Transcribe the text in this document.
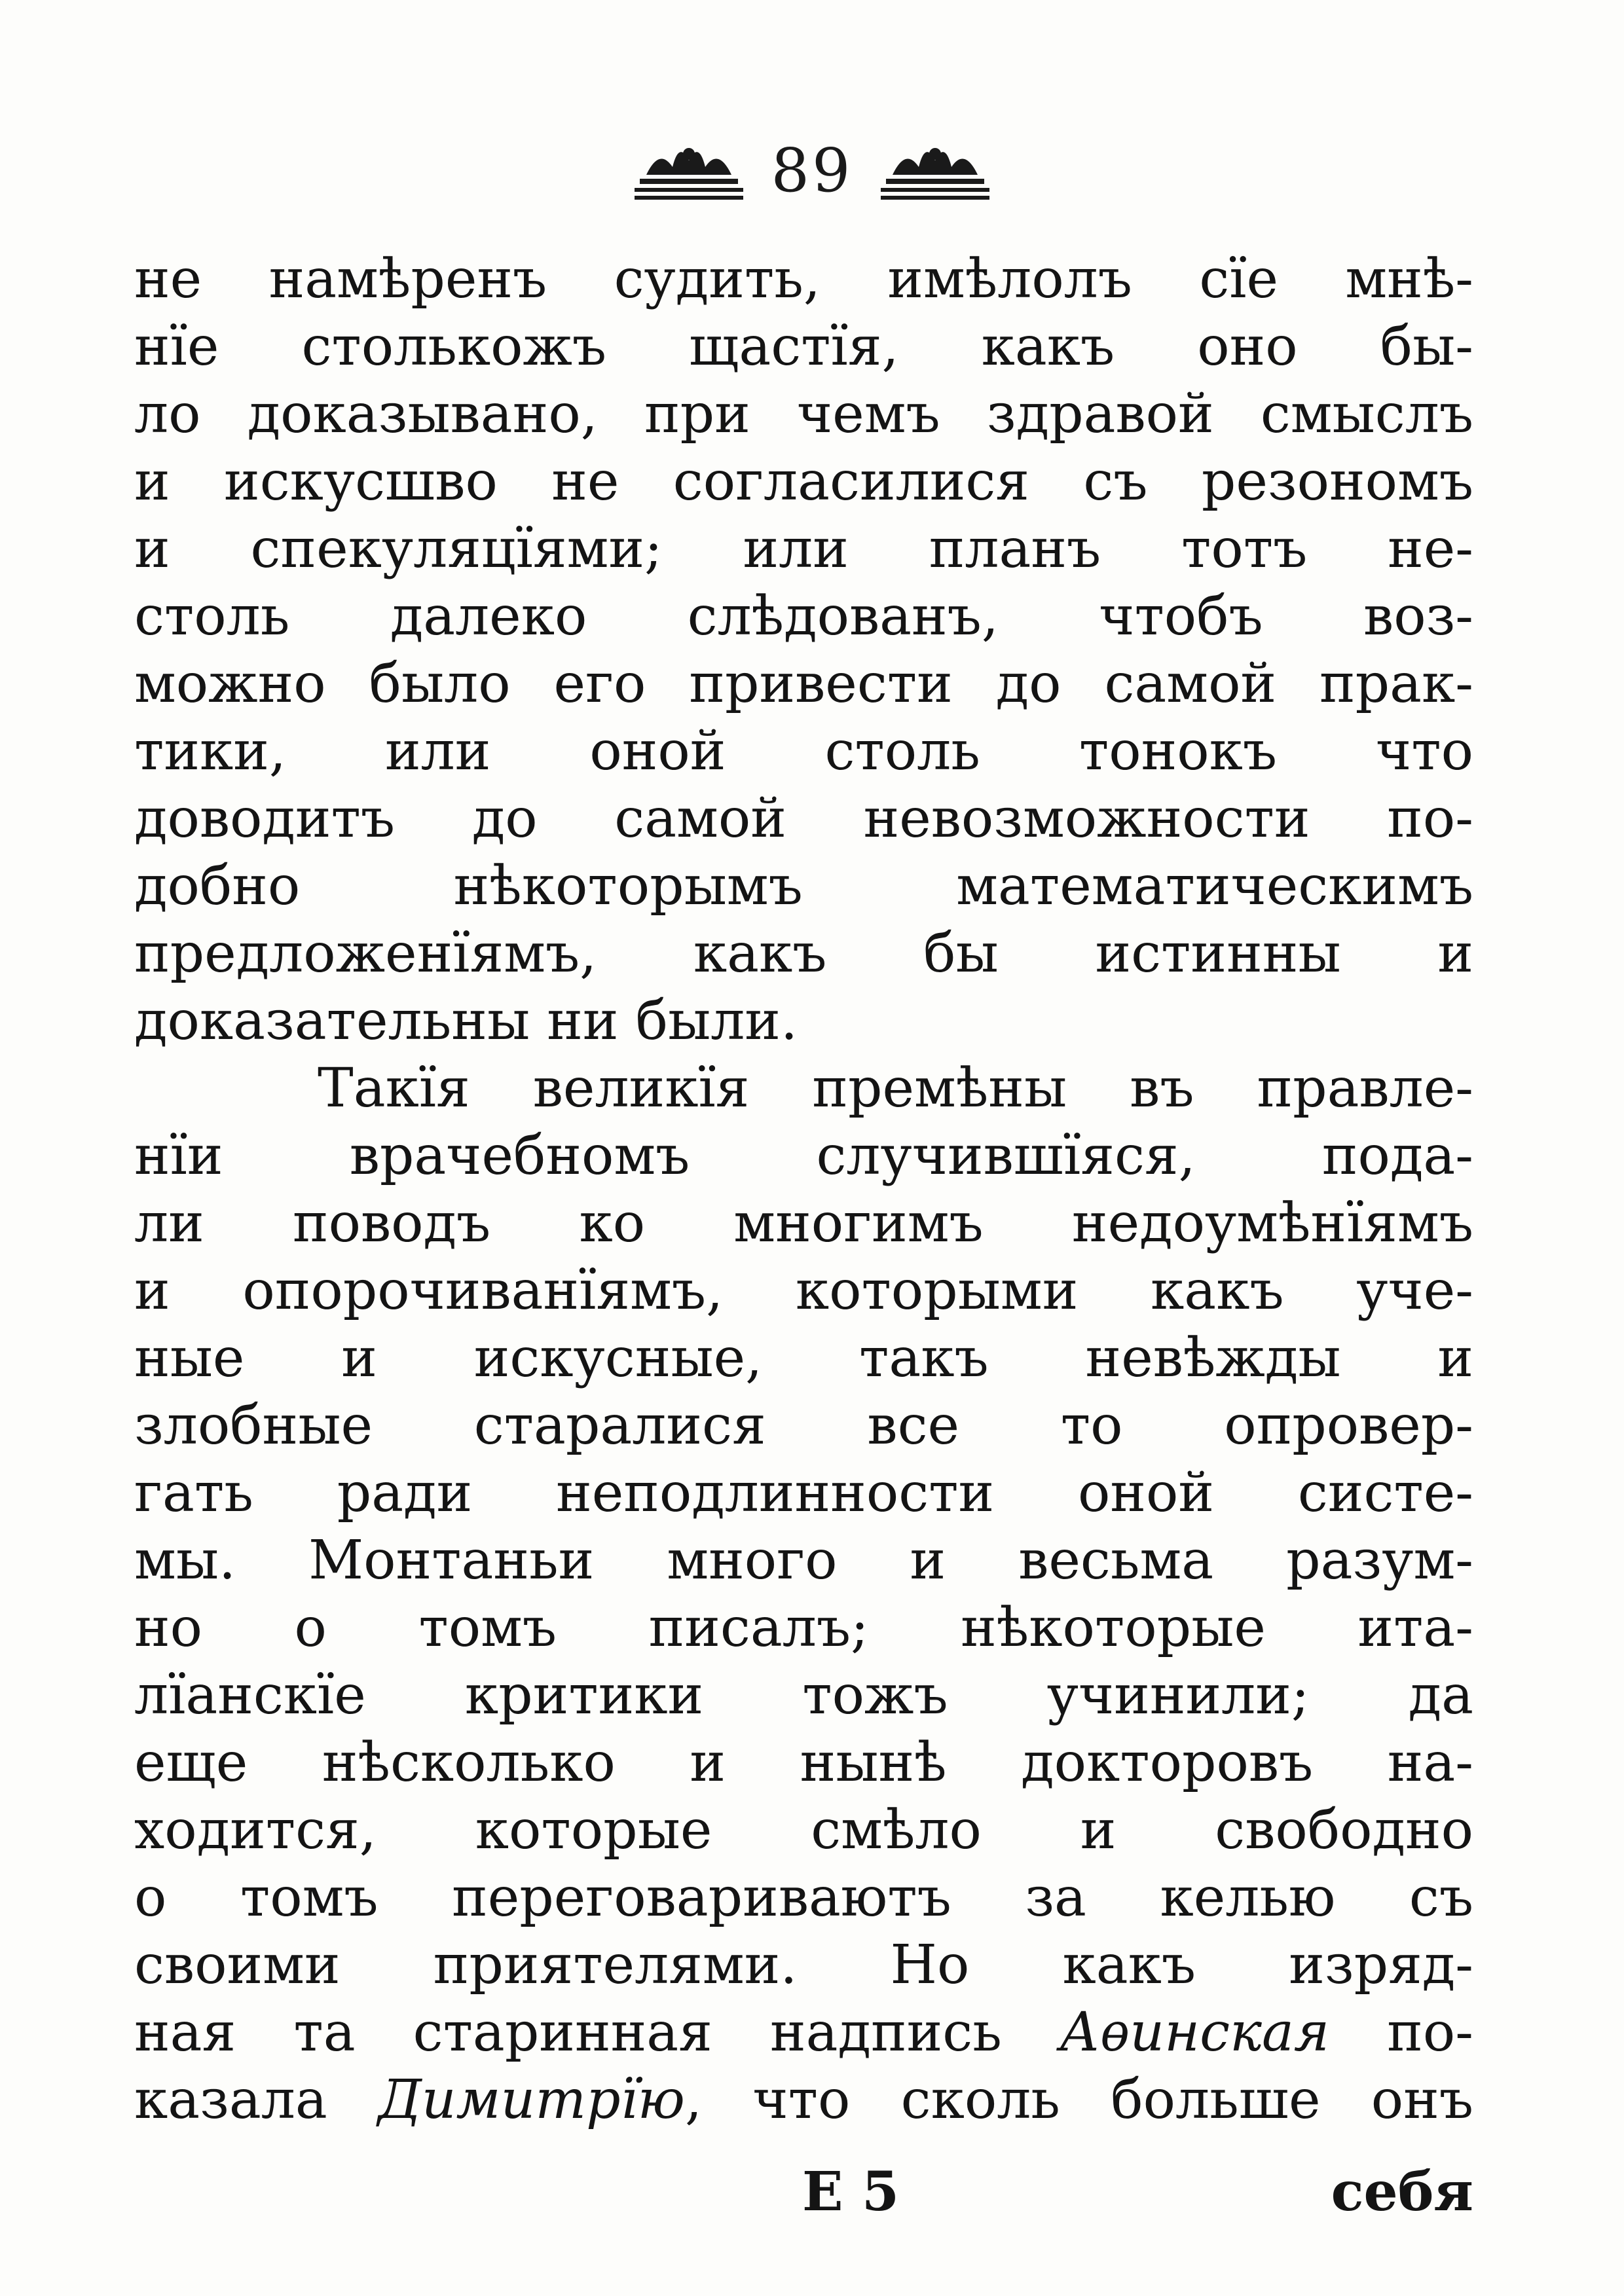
89
не намѣренъ судить, имѣлолъ сїе мнѣ-
нїе столькожъ щастїя, какъ оно бы-
ло доказывано, при чемъ здравой смыслъ
и искусшво не согласилися съ резономъ
и спекуляцїями; или планъ тотъ не-
столь далеко слѣдованъ, чтобъ воз-
можно было его привести до самой прак-
тики, или оной столь тонокъ что
доводитъ до самой невозможности по-
добно нѣкоторымъ математическимъ
предложенїямъ, какъ бы истинны и
доказательны ни были.
Такїя великїя премѣны въ правле-
нїи врачебномъ случившїяся, пода-
ли поводъ ко многимъ недоумѣнїямъ
и опорочиванїямъ, которыми какъ уче-
ные и искусные, такъ невѣжды и
злобные старалися все то опровер-
гать ради неподлинности оной систе-
мы. Монтаньи много и весьма разум-
но о томъ писалъ; нѣкоторые ита-
лїанскїе критики тожъ учинили; да
еще нѣсколько и нынѣ докторовъ на-
ходится, которые смѣло и свободно
о томъ переговариваютъ за келью съ
своими приятелями. Но какъ изряд-
ная та старинная надпись Аѳинская по-
казала Димитрїю, что сколь больше онъ
Е 5	себя
